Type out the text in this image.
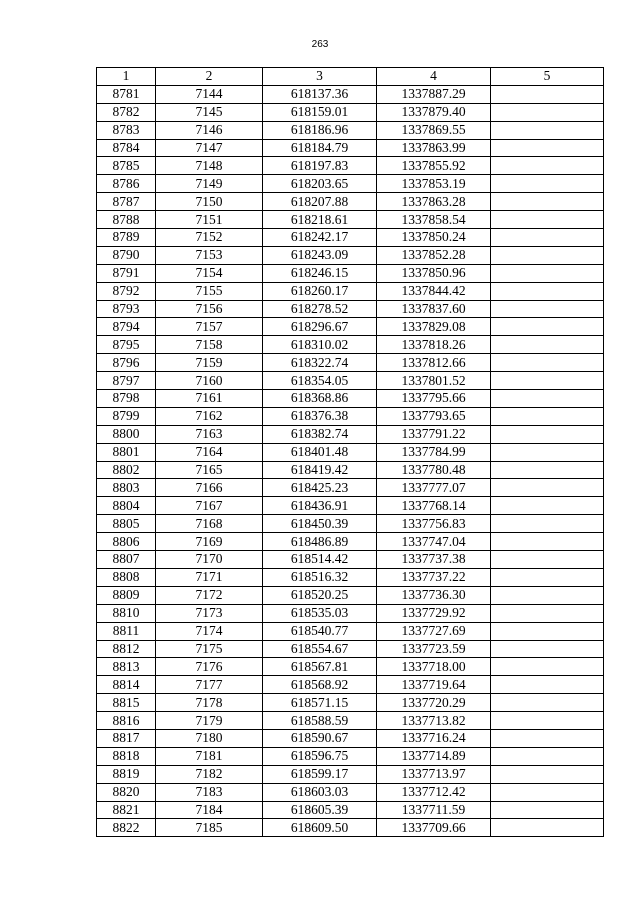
263
1	2	3	4	5
8781	7144	618137.36	1337887.29	
8782	7145	618159.01	1337879.40	
8783	7146	618186.96	1337869.55	
8784	7147	618184.79	1337863.99	
8785	7148	618197.83	1337855.92	
8786	7149	618203.65	1337853.19	
8787	7150	618207.88	1337863.28	
8788	7151	618218.61	1337858.54	
8789	7152	618242.17	1337850.24	
8790	7153	618243.09	1337852.28	
8791	7154	618246.15	1337850.96	
8792	7155	618260.17	1337844.42	
8793	7156	618278.52	1337837.60	
8794	7157	618296.67	1337829.08	
8795	7158	618310.02	1337818.26	
8796	7159	618322.74	1337812.66	
8797	7160	618354.05	1337801.52	
8798	7161	618368.86	1337795.66	
8799	7162	618376.38	1337793.65	
8800	7163	618382.74	1337791.22	
8801	7164	618401.48	1337784.99	
8802	7165	618419.42	1337780.48	
8803	7166	618425.23	1337777.07	
8804	7167	618436.91	1337768.14	
8805	7168	618450.39	1337756.83	
8806	7169	618486.89	1337747.04	
8807	7170	618514.42	1337737.38	
8808	7171	618516.32	1337737.22	
8809	7172	618520.25	1337736.30	
8810	7173	618535.03	1337729.92	
8811	7174	618540.77	1337727.69	
8812	7175	618554.67	1337723.59	
8813	7176	618567.81	1337718.00	
8814	7177	618568.92	1337719.64	
8815	7178	618571.15	1337720.29	
8816	7179	618588.59	1337713.82	
8817	7180	618590.67	1337716.24	
8818	7181	618596.75	1337714.89	
8819	7182	618599.17	1337713.97	
8820	7183	618603.03	1337712.42	
8821	7184	618605.39	1337711.59	
8822	7185	618609.50	1337709.66	
